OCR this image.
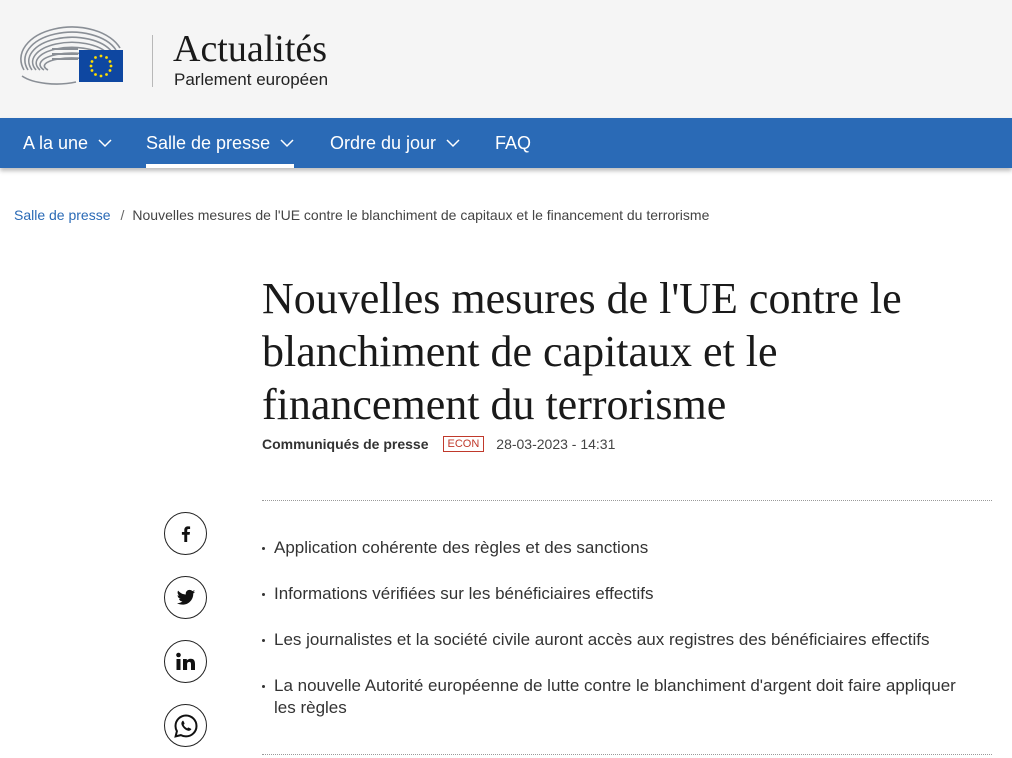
Actualités
Parlement européen
A la une	Salle de presse	Ordre du jour	FAQ
Salle de presse / Nouvelles mesures de l'UE contre le blanchiment de capitaux et le financement du terrorisme
Nouvelles mesures de l'UE contre le blanchiment de capitaux et le financement du terrorisme
Communiqués de presse	ECON	28-03-2023 - 14:31
Application cohérente des règles et des sanctions
Informations vérifiées sur les bénéficiaires effectifs
Les journalistes et la société civile auront accès aux registres des bénéficiaires effectifs
La nouvelle Autorité européenne de lutte contre le blanchiment d'argent doit faire appliquer les règles
